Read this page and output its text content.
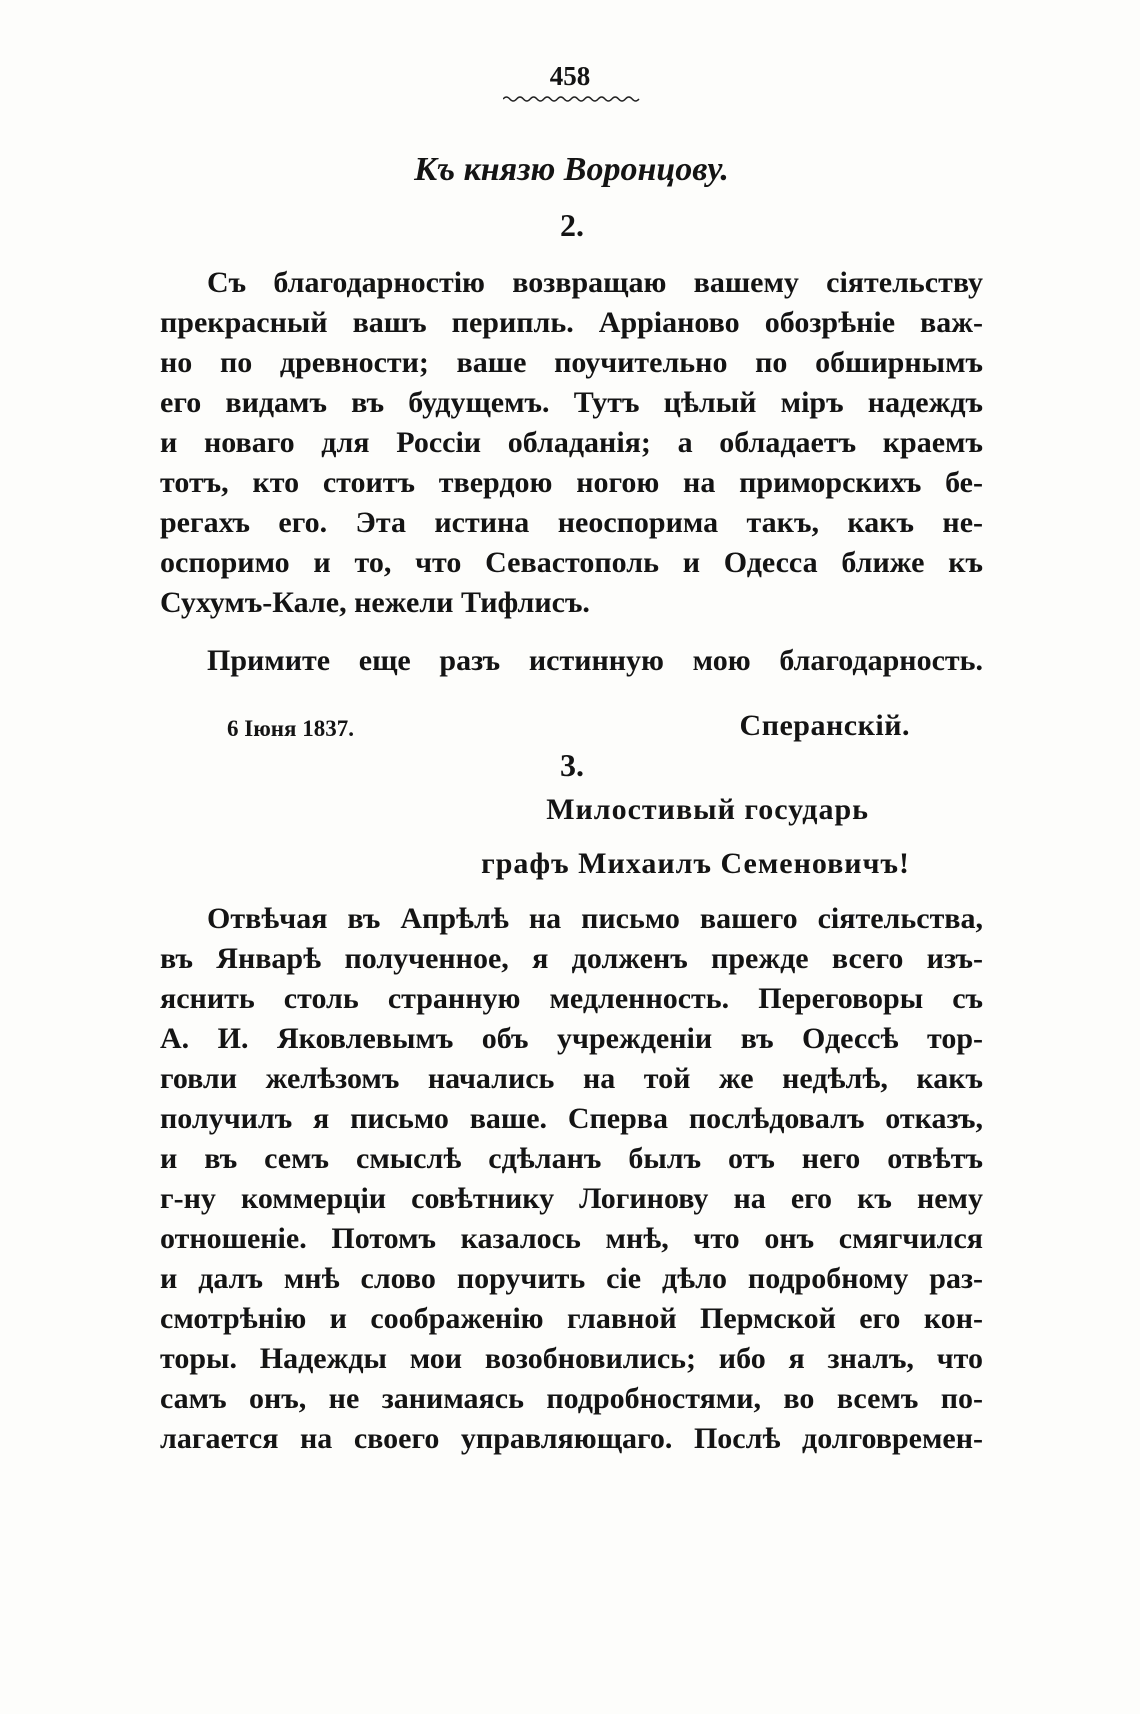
458
Къ князю Воронцову.
2.
Съ благодарностію возвращаю вашему сіятельству
прекрасный вашъ перипль. Арріаново обозрѣніе важ-
но по древности; ваше поучительно по обширнымъ
его видамъ въ будущемъ. Тутъ цѣлый міръ надеждъ
и новаго для Россіи обладанія; а обладаетъ краемъ
тотъ, кто стоитъ твердою ногою на приморскихъ бе-
регахъ его. Эта истина неоспорима такъ, какъ не-
оспоримо и то, что Севастополь и Одесса ближе къ
Сухумъ-Кале, нежели Тифлисъ.
Примите еще разъ истинную мою благодарность.
6 Іюня 1837.	Сперанскій.
3.
Милостивый государь
графъ Михаилъ Семеновичъ!
Отвѣчая въ Апрѣлѣ на письмо вашего сіятельства,
въ Январѣ полученное, я долженъ прежде всего изъ-
яснить столь странную медленность. Переговоры съ
А. И. Яковлевымъ объ учрежденіи въ Одессѣ тор-
говли желѣзомъ начались на той же недѣлѣ, какъ
получилъ я письмо ваше. Сперва послѣдовалъ отказъ,
и въ семъ смыслѣ сдѣланъ былъ отъ него отвѣтъ
г-ну коммерціи совѣтнику Логинову на его къ нему
отношеніе. Потомъ казалось мнѣ, что онъ смягчился
и далъ мнѣ слово поручить сіе дѣло подробному раз-
смотрѣнію и соображенію главной Пермской его кон-
торы. Надежды мои возобновились; ибо я зналъ, что
самъ онъ, не занимаясь подробностями, во всемъ по-
лагается на своего управляющаго. Послѣ долговремен-
